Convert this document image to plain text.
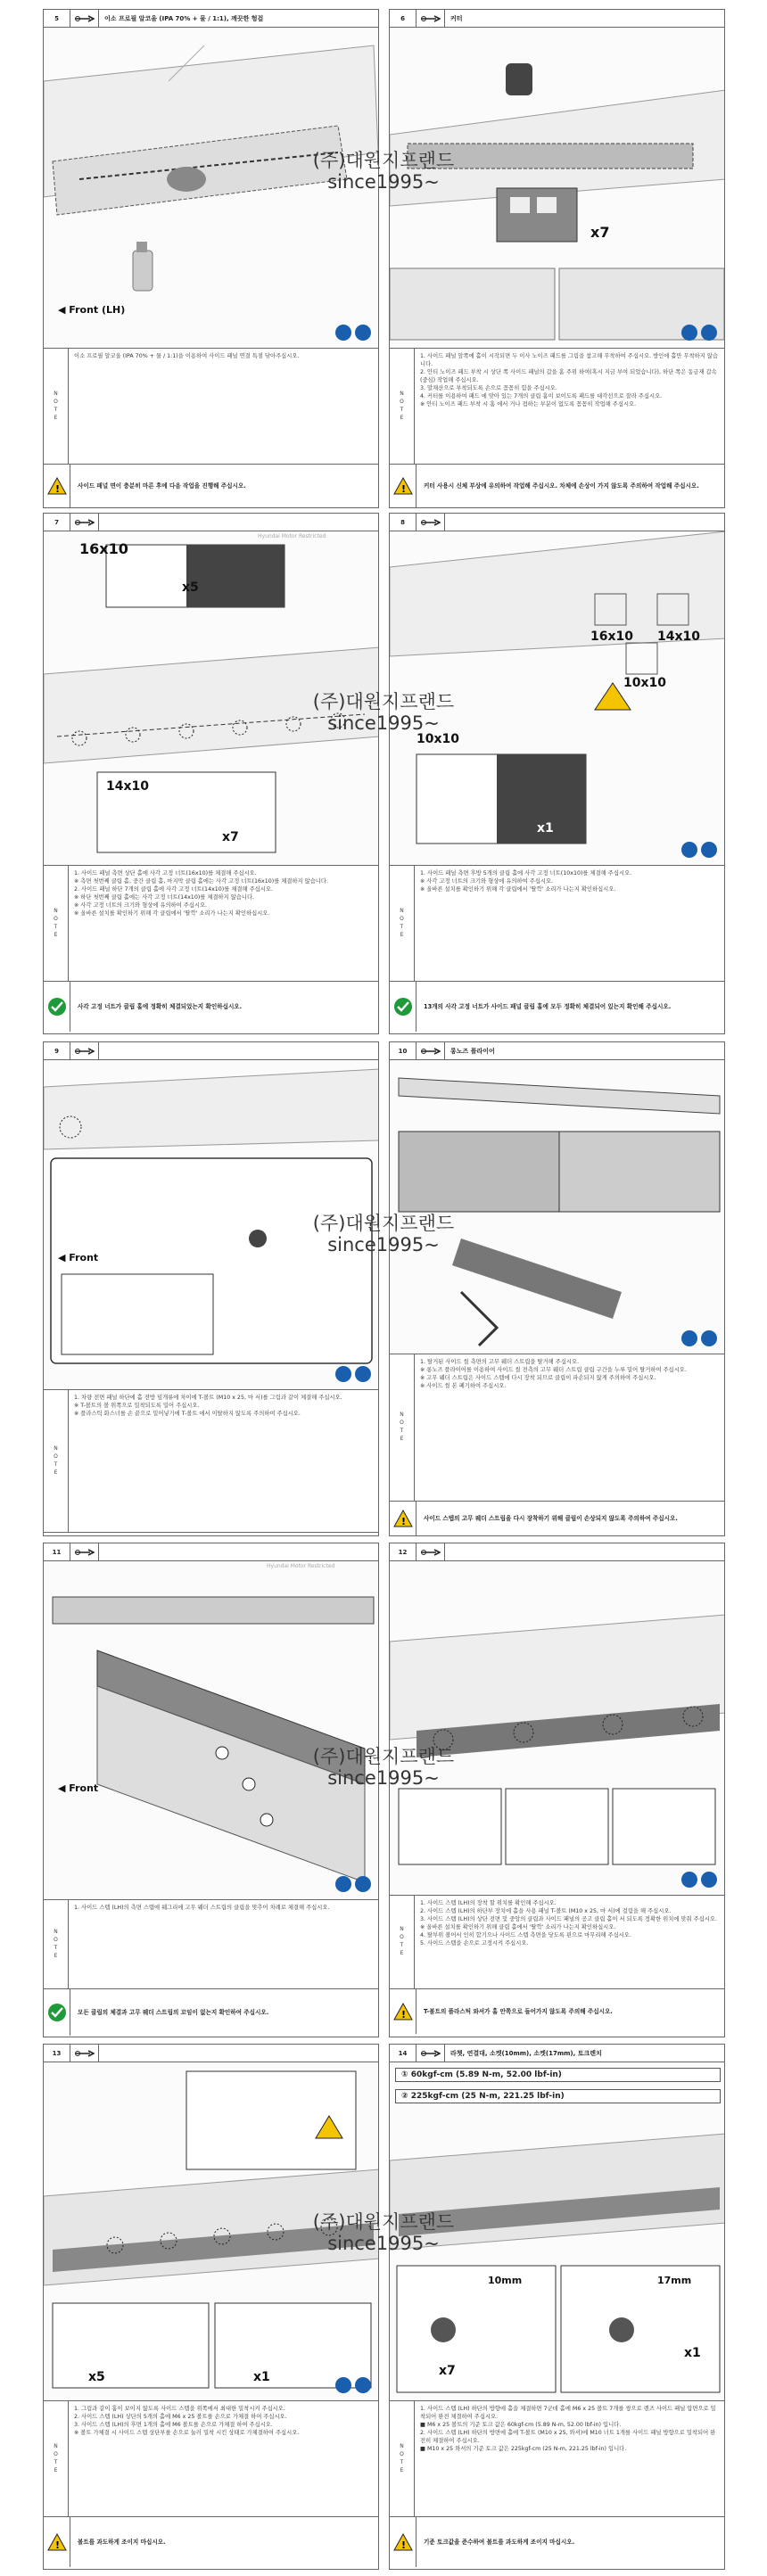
5	이소 프로필 알코올 (IPA 70% + 물 / 1:1), 깨끗한 헝겊
◀ Front (LH)
NOTE

이소 프로필 알코올 (IPA 70% + 물 / 1:1)을 이용하여 사이드 패널 연결 특점 닦아주십시오.

!	사이드 패널 면이 충분히 마른 후에 다음 작업을 진행해 주십시오.
6	커터
x7
NOTE

1. 사이드 패널 앞쪽에 홀이 시작되면 두 이사 노이즈 패드를 그림을 참고해 무착하여 주십시오. 방인에 홀만 무착하지 않습니다.

2. 안티 노이즈 패드 부착 시 상단 쪽 사이드 패널의 갑을 홈 주위 하여(혹시 지금 부여 되었습니다), 하단 쪽은 동금재 갑속(중심) 작업해 주십시오.

3. 말채산으로 부착되도록 손으로 꼼꼼히 힘을 주십시오.

4. 커터를 이용하여 패드 에 맞아 있는 7개의 클립 홈이 보이도록 패드를 대각선으로 잘라 주십시오.

※ 안티 노이즈 패드 부착 시 홈 에서 거나 접하는 부분이 없도록 꼼꼼히 작업해 주십시오.

!	커터 사용시 신체 부상에 유의하여 작업해 주십시오. 차체에 손상이 가지 않도록 주의하여 작업해 주십시오.
7
16x10
x5
14x10
x7
Hyundai Motor Restricted
NOTE

1. 사이드 패널 측면 상단 홀에 사각 고정 너트(16x10)를 체결해 주십시오.

※ 측면 첫번째 클립 홀, 중간 클립 홀, 마지막 클립 홀에는 사각 고정 너트(16x10)를 체결하지 않습니다.

2. 사이드 패널 하단 7개의 클립 홀에 사각 고정 너트(14x10)를 체결해 주십시오.

※ 하단 첫번째 클립 홀에는 사각 고정 너트(14x10)를 체결하지 않습니다.

※ 사각 고정 너트의 크기와 형상에 유의하여 주십시오.

※ 올바른 설치를 확인하기 위해 각 클립에서 '딸깍' 소리가 나는지 확인하십시오.

사각 고정 너트가 클립 홀에 정확히 체결되었는지 확인하십시오.
8
16x10 14x10
10x10
10x10
x1
NOTE

1. 사이드 패널 측면 후방 5개의 클립 홀에 사각 고정 너트(10x10)를 체결해 주십시오.

※ 사각 고정 너트의 크기와 형상에 유의하여 주십시오.

※ 올바른 설치를 확인하기 위해 각 클립에서 '딸깍' 소리가 나는지 확인하십시오.

13개의 사각 고정 너트가 사이드 패널 클립 홀에 모두 정확히 체결되어 있는지 확인해 주십시오.
9
◀ Front
NOTE

1. 차량 전면 패널 하단에 홀 전방 덮개류에 차이에 T-볼트 (M10 x 25, 마 서)를 그림과 같이 체결해 주십시오.

※ T-볼트의 볼 위쪽으로 밀착되도록 밀어 주십시오.

※ 플라스틱 화스너를 손 끝으로 밀어넣기에 T-볼트 에서 이탈하지 않도록 주의하여 주십시오.

10	롱노즈 플라이어
NOTE

1. 탈거된 사이드 씰 측면의 고무 웨더 스트립을 탈거해 주십시오.

※ 롱노즈 플라이어를 이용하여 사이드 씰 전측의 고무 웨더 스트립 클립 구간을 누루 밀어 탈거하여 주십시오.

※ 고무 웨더 스트립은 사이드 스텝에 다시 장착 되므로 클립이 파손되지 않게 주의하여 주십시오.

※ 사이드 씰 본 폐기하여 주십시오.

!	사이드 스텝의 고무 웨더 스트립을 다시 장착하기 위해 클립이 손상되지 않도록 주의하여 주십시오.
11
◀ Front
Hyundai Motor Restricted
NOTE

1. 사이드 스텝 (LH)의 측면 스텝에 웨그리에 고무 웨더 스트립의 클립을 맞추어 차례로 체결해 주십시오.

모든 클립의 체결과 고무 웨더 스트립의 꼬임이 없는지 확인하여 주십시오.
12
NOTE

1. 사이드 스텝 (LH)의 장착 할 위치를 확인해 주십시오.

2. 사이드 스텝 (LH)의 하단부 장치에 홀을 사용 패널 T-볼트 (M10 x 25, 마 서)에 걸림을 해 주십시오.

3. 사이드 스텝 (LH)의 상단 전면 및 중앙의 클립과 사이드 패널의 공고 클립 홀이 서 되도록 정확한 위치에 맞춰 주십시오.

※ 올바른 설치를 확인하기 위해 클립 홀에서 '딸깍' 소리가 나는지 확인하십시오.

4. 탈부위 볼어서 인히 합기으나 사이드 스텝 측면을 당도록 핀으로 마무리해 주십시오.

5. 사이드 스텝을 손으로 고정시켜 주십시오.

!	T-볼트의 플라스틱 와셔가 홀 안쪽으로 들어가지 않도록 주의해 주십시오.
13
x5	x1
NOTE

1. 그림과 같이 홈이 보이지 않도록 사이드 스텝을 위쪽에서 최대한 밀착시켜 주십시오.

2. 사이드 스텝 (LH) 상단의 5개의 홀에 M6 x 25 볼트를 손으로 가체결 하여 주십시오.

3. 사이드 스텝 (LH)의 후면 1개의 홀에 M6 볼트를 손으로 가체결 하여 주십시오.

※ 볼트 가체결 시 사이드 스텝 상단부를 손으로 눌러 밀착 시킨 상태로 가체결하여 주십시오.

!	볼트를 과도하게 조이지 마십시오.
14	라쳇, 연결대, 소켓(10mm), 소켓(17mm), 토크렌치
① 60kgf-cm (5.89 N-m, 52.00 lbf-in)
② 225kgf-cm (25 N-m, 221.25 lbf-in)
10mm	17mm
x7
x1
NOTE

1. 사이드 스텝 (LH) 하단의 방향에 홀을 체결하면 7군데 홀에 M6 x 25 볼트 7개를 쌍으로 렌즈 사이드 패널 압면으로 밀착되어 완전 체결하여 주십시오.

■ M6 x 25 볼트의 기준 토크 값은 60kgf-cm (5.89 N-m, 52.00 lbf-in) 입니다.

2. 사이드 스텝 (LH) 하단의 방면에 홀에 T-볼트 (M10 x 25, 와셔)에 M10 너트 1개를 사이드 패널 방향으로 밀착되어 완전히 체결하여 주십시오.

■ M10 x 25 와셔의 기준 토크 값은 225kgf-cm (25 N-m, 221.25 lbf-in) 입니다.

!	기준 토크값을 준수하여 볼트를 과도하게 조이지 마십시오.
(주)대원지프랜드
since1995~
(주)대원지프랜드
since1995~
(주)대원지프랜드
since1995~
(주)대원지프랜드
since1995~
(주)대원지프랜드
since1995~
